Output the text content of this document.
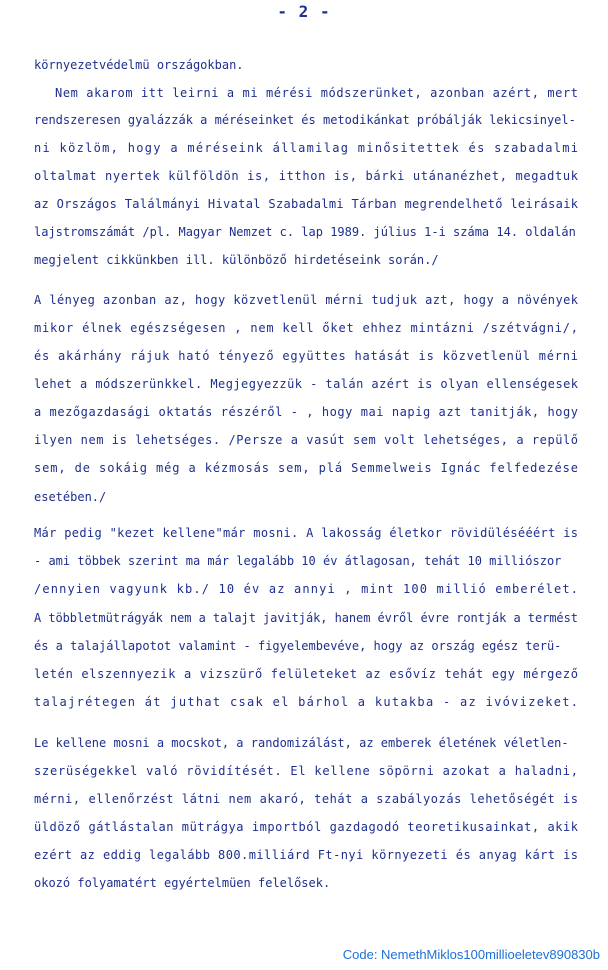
- 2 -
környezetvédelmü országokban.
Nem akarom itt leirni a mi mérési módszerünket, azonban azért, mert
rendszeresen gyalázzák a méréseinket és metodikánkat próbálják lekicsinyel-
ni közlöm, hogy a méréseink államilag minősitettek és szabadalmi
oltalmat nyertek külföldön is, itthon is, bárki utánanézhet, megadtuk
az Országos Találmányi Hivatal Szabadalmi Tárban megrendelhető leirásaik
lajstromszámát /pl. Magyar Nemzet c. lap 1989. július 1-i száma 14. oldalán
megjelent cikkünkben ill. különböző hirdetéseink során./
A lényeg azonban az, hogy közvetlenül mérni tudjuk azt, hogy a növények
mikor élnek egészségesen , nem kell őket ehhez mintázni /szétvágni/,
és akárhány rájuk ható tényező együttes hatását is közvetlenül mérni
lehet a módszerünkkel. Megjegyezzük - talán azért is olyan ellenségesek
a mezőgazdasági oktatás részéről - , hogy mai napig azt tanitják, hogy
ilyen nem is lehetséges. /Persze a vasút sem volt lehetséges, a repülő
sem, de sokáig még a kézmosás sem, plá Semmelweis Ignác felfedezése
esetében./
Már pedig "kezet kellene"már mosni. A lakosság életkor rövidülésééért is
- ami többek szerint ma már legalább 10 év átlagosan, tehát 10 milliószor
/ennyien vagyunk kb./ 10 év az annyi , mint 100 millió emberélet.
A többletmütrágyák nem a talajt javitják, hanem évről évre rontják a termést
és a talajállapotot valamint - figyelembevéve, hogy az ország egész terü-
letén elszennyezik a vizszürő felületeket az esővíz tehát egy mérgező
talajrétegen át juthat csak el bárhol a kutakba - az ivóvizeket.
Le kellene mosni a mocskot, a randomizálást, az emberek életének véletlen-
szerüségekkel való rövidítését. El kellene söpörni azokat a haladni,
mérni, ellenőrzést látni nem akaró, tehát a szabályozás lehetőségét is
üldöző gátlástalan mütrágya importból gazdagodó teoretikusainkat, akik
ezért az eddig legalább 800.milliárd Ft-nyi környezeti és anyag kárt is
okozó folyamatért egyértelmüen felelősek.
Code: NemethMiklos100millioeletev890830b
